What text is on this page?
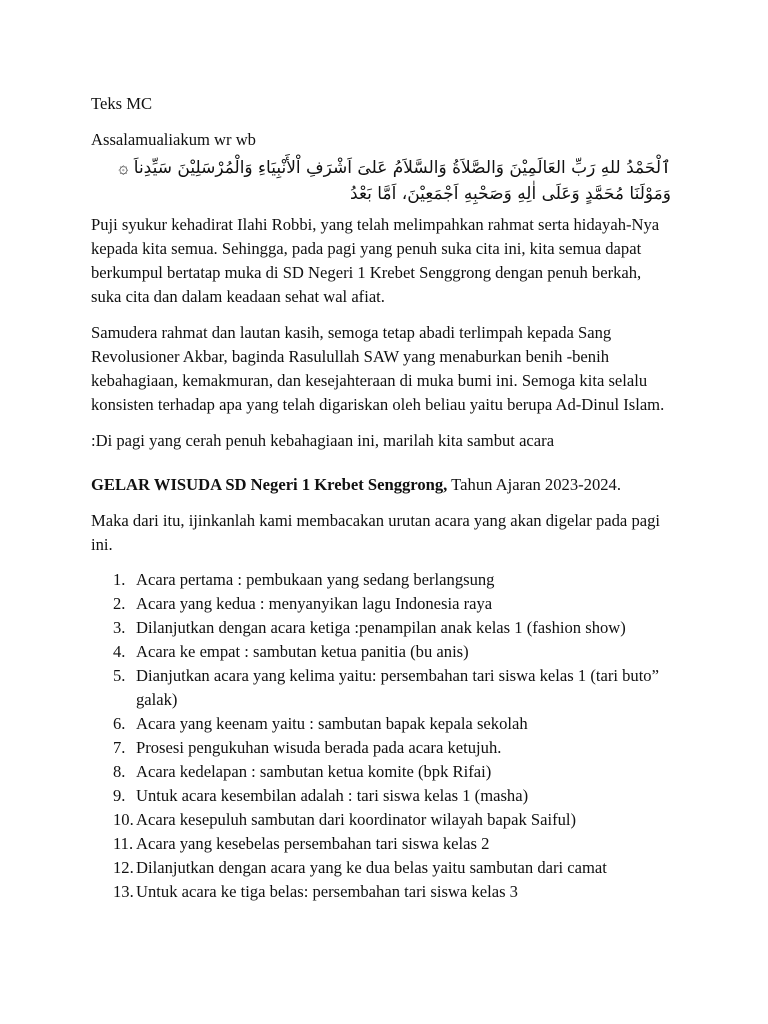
Teks MC

Assalamualiakum wr wb

ٱلْحَمْدُ للهِ رَبِّ العَالَمِيْنَ وَالصَّلاَةُ وَالسَّلاَمُ عَلىَ اَشْرَفِ اْلأَنْبِيَاءِ وَالْمُرْسَلِيْنَ سَيِّدِناَ ۞
وَمَوْلَنَا مُحَمَّدٍ وَعَلَى اٰلِهِ وَصَحْبِهِ اَجْمَعِيْنَ، اَمَّا بَعْدُ

Puji syukur kehadirat Ilahi Robbi, yang telah melimpahkan rahmat serta hidayah-Nya kepada kita semua. Sehingga, pada pagi yang penuh suka cita ini, kita semua dapat berkumpul bertatap muka di SD Negeri 1 Krebet Senggrong dengan penuh berkah, suka cita dan dalam keadaan sehat wal afiat.

Samudera rahmat dan lautan kasih, semoga tetap abadi terlimpah kepada Sang Revolusioner Akbar, baginda Rasulullah SAW yang menaburkan benih -benih kebahagiaan, kemakmuran, dan kesejahteraan di muka bumi ini. Semoga kita selalu konsisten terhadap apa yang telah digariskan oleh beliau yaitu berupa Ad-Dinul Islam.

:Di pagi yang cerah penuh kebahagiaan ini, marilah kita sambut acara

GELAR WISUDA SD Negeri 1 Krebet Senggrong, Tahun Ajaran 2023-2024.

Maka dari itu, ijinkanlah kami membacakan urutan acara yang akan digelar pada pagi ini.

1. Acara pertama : pembukaan yang sedang berlangsung
2. Acara yang kedua : menyanyikan lagu Indonesia raya
3. Dilanjutkan dengan acara ketiga :penampilan anak kelas 1 (fashion show)
4. Acara ke empat : sambutan ketua panitia (bu anis)
5. Dianjutkan acara yang kelima yaitu: persembahan tari siswa kelas 1 (tari buto” galak)
6. Acara yang keenam yaitu : sambutan bapak kepala sekolah
7. Prosesi pengukuhan wisuda berada pada acara ketujuh.
8. Acara kedelapan : sambutan ketua komite (bpk Rifai)
9. Untuk acara kesembilan adalah : tari siswa kelas 1 (masha)
10. Acara kesepuluh sambutan dari koordinator wilayah bapak Saiful)
11. Acara yang kesebelas persembahan tari siswa kelas 2
12. Dilanjutkan dengan acara yang ke dua belas yaitu sambutan dari camat
13. Untuk acara ke tiga belas: persembahan tari siswa kelas 3
